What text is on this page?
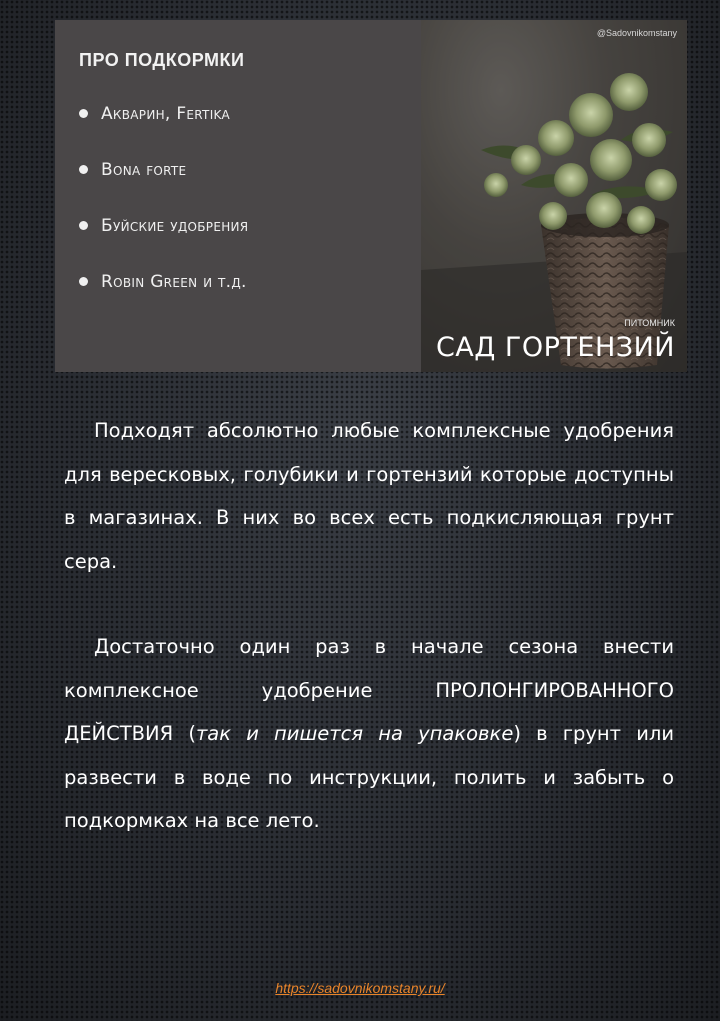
ПРО ПОДКОРМКИ
Акварин, Fertika
Bona forte
Буйские удобрения
Robin Green и т.д.
@Sadovnikomstany
ПИТОМНИК
САД ГОРТЕНЗИЙ

Подходят абсолютно любые комплексные удобрения для вересковых, голубики и гортензий которые доступны в магазинах. В них во всех есть подкисляющая грунт сера.

Достаточно один раз в начале сезона внести комплексное удобрение ПРОЛОНГИРОВАННОГО ДЕЙСТВИЯ (так и пишется на упаковке) в грунт или развести в воде по инструкции, полить и забыть о подкормках на все лето.

https://sadovnikomstany.ru/
